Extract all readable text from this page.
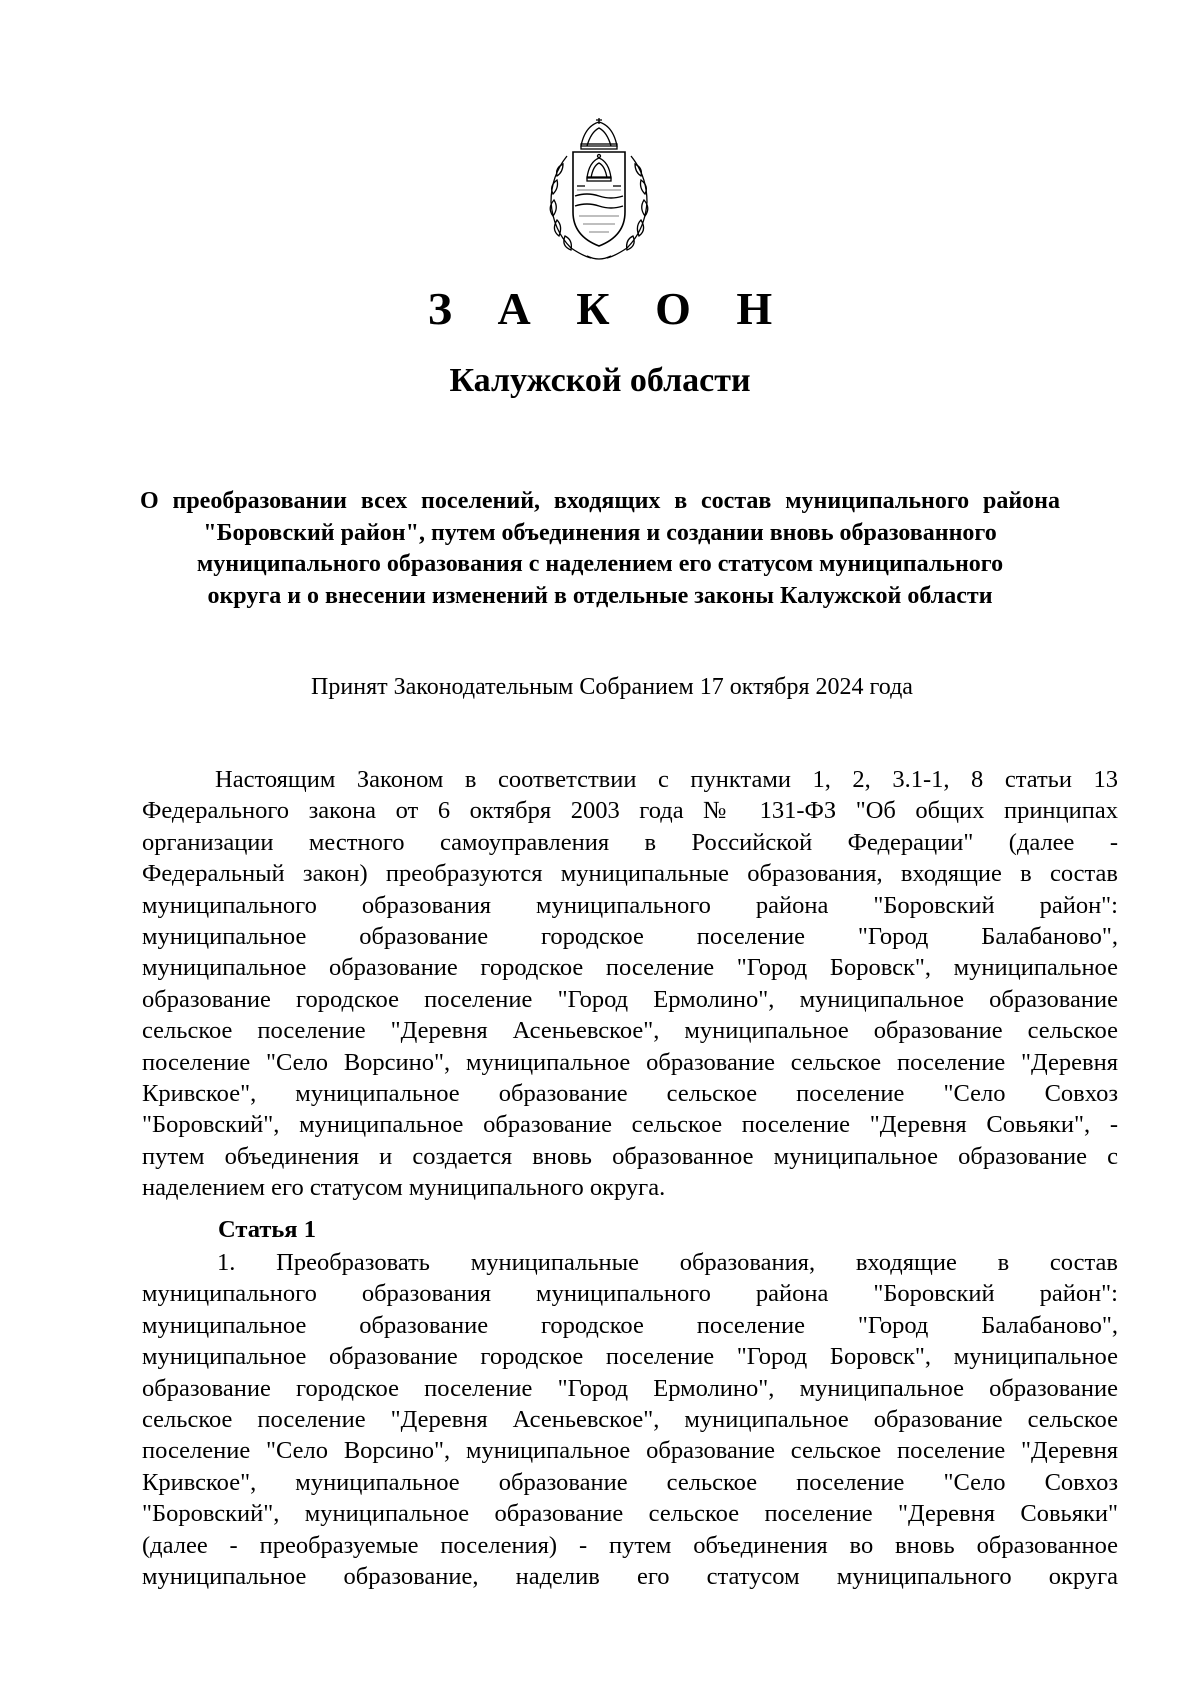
З А К О Н
Калужской области
О преобразовании всех поселений, входящих в состав муниципального района
"Боровский район", путем объединения и создании вновь образованного
муниципального образования с наделением его статусом муниципального
округа и о внесении изменений в отдельные законы Калужской области
Принят Законодательным Собранием 17 октября 2024 года
Настоящим Законом в соответствии с пунктами 1, 2, 3.1-1, 8 статьи 13
Федерального закона от 6 октября 2003 года № 131-ФЗ "Об общих принципах
организации местного самоуправления в Российской Федерации" (далее -
Федеральный закон) преобразуются муниципальные образования, входящие в состав
муниципального образования муниципального района "Боровский район":
муниципальное образование городское поселение "Город Балабаново",
муниципальное образование городское поселение "Город Боровск", муниципальное
образование городское поселение "Город Ермолино", муниципальное образование
сельское поселение "Деревня Асеньевское", муниципальное образование сельское
поселение "Село Ворсино", муниципальное образование сельское поселение "Деревня
Кривское", муниципальное образование сельское поселение "Село Совхоз
"Боровский", муниципальное образование сельское поселение "Деревня Совьяки", -
путем объединения и создается вновь образованное муниципальное образование с
наделением его статусом муниципального округа.
Статья 1
1. Преобразовать муниципальные образования, входящие в состав
муниципального образования муниципального района "Боровский район":
муниципальное образование городское поселение "Город Балабаново",
муниципальное образование городское поселение "Город Боровск", муниципальное
образование городское поселение "Город Ермолино", муниципальное образование
сельское поселение "Деревня Асеньевское", муниципальное образование сельское
поселение "Село Ворсино", муниципальное образование сельское поселение "Деревня
Кривское", муниципальное образование сельское поселение "Село Совхоз
"Боровский", муниципальное образование сельское поселение "Деревня Совьяки"
(далее - преобразуемые поселения) - путем объединения во вновь образованное
муниципальное образование, наделив его статусом муниципального округа
